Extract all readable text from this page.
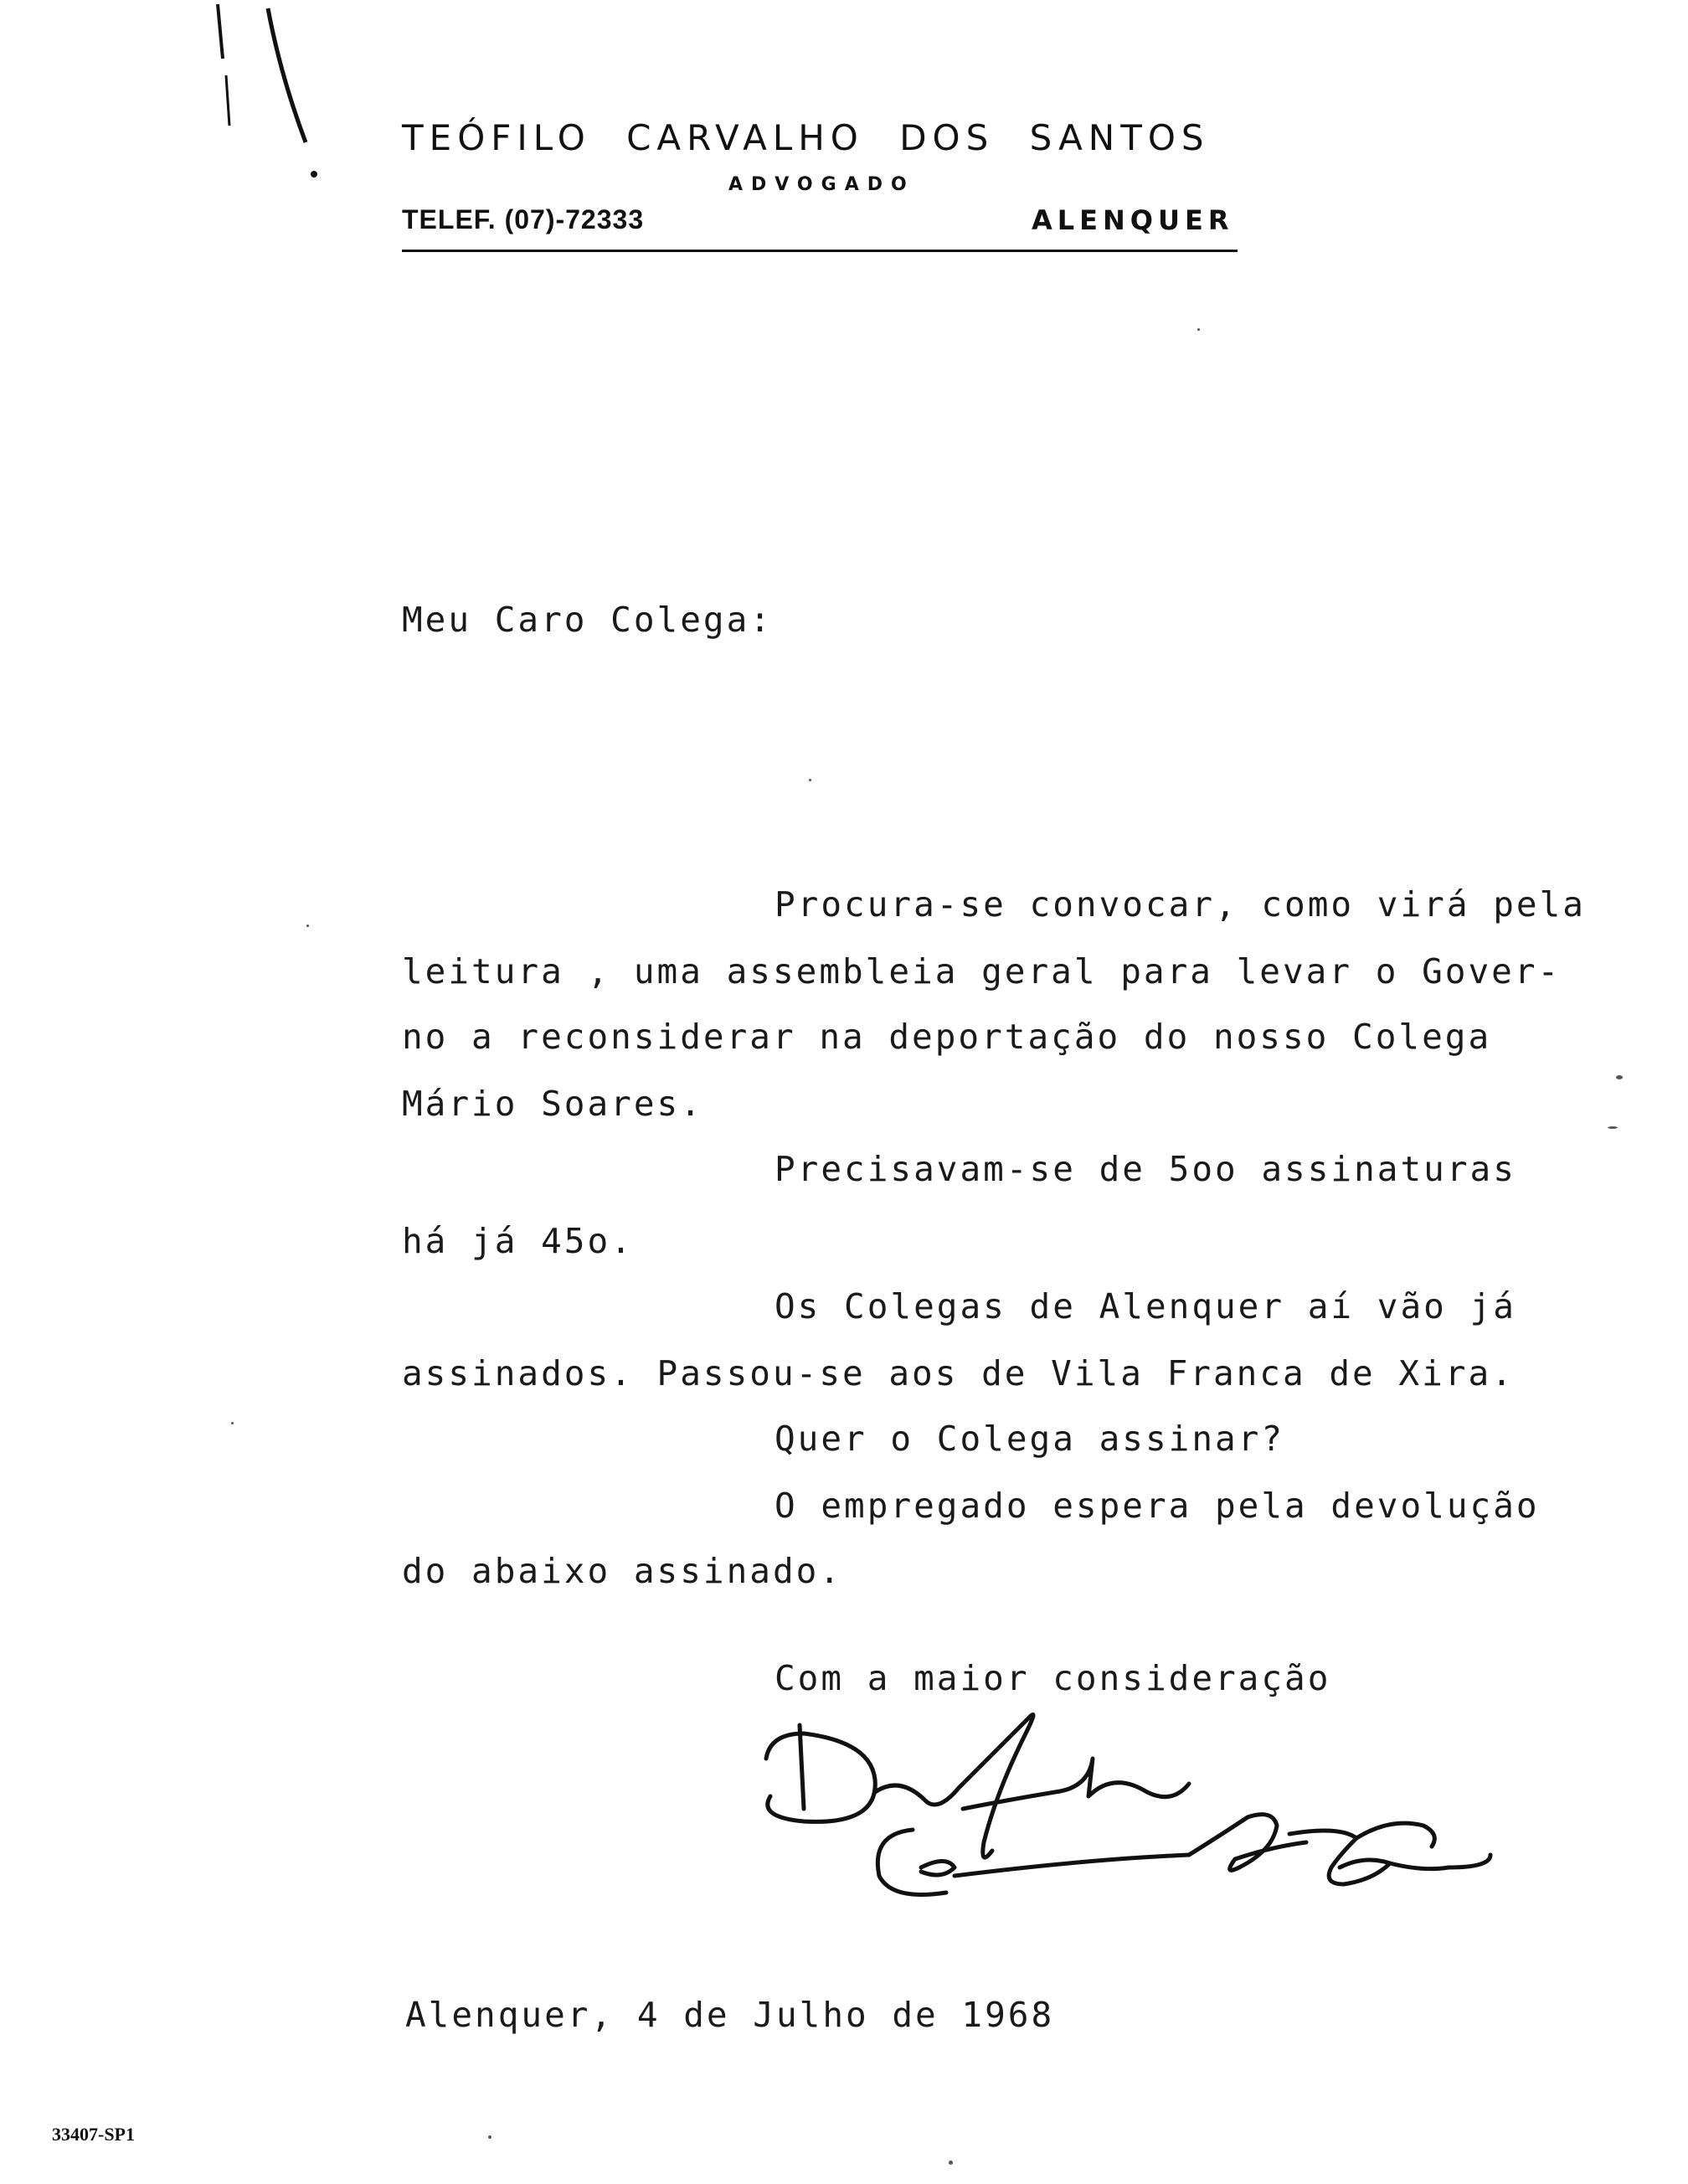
TEÓFILO CARVALHO DOS SANTOS
ADVOGADO
TELEF. (07)-72333	ALENQUER
Meu Caro Colega:
Procura-se convocar, como virá pela
leitura , uma assembleia geral para levar o Gover-
no a reconsiderar na deportação do nosso Colega
Mário Soares.
Precisavam-se de 5oo assinaturas
há já 45o.
Os Colegas de Alenquer aí vão já
assinados. Passou-se aos de Vila Franca de Xira.
Quer o Colega assinar?
O empregado espera pela devolução
do abaixo assinado.
Com a maior consideração
Alenquer, 4 de Julho de 1968
33407-SP1
